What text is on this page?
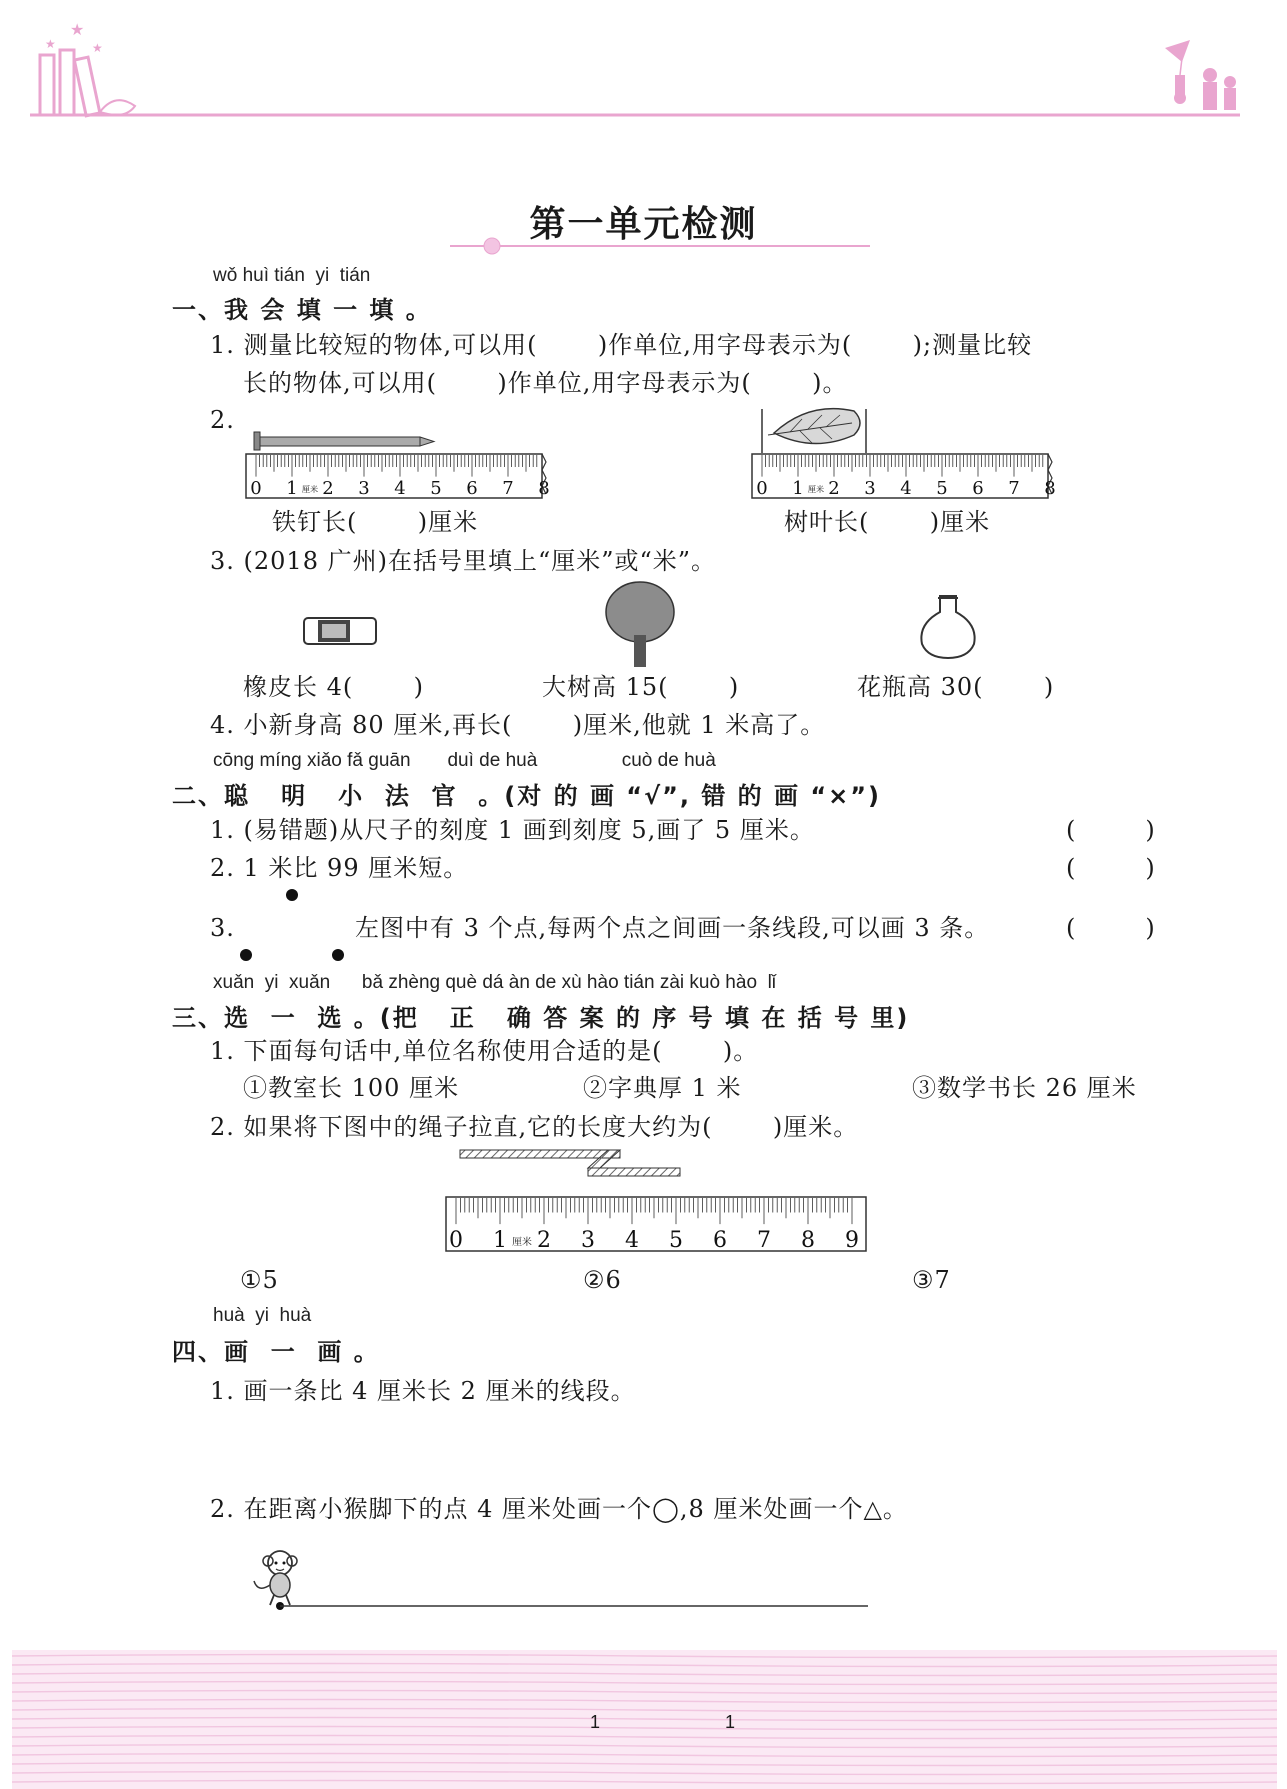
★
★
★
第一单元检测
wǒ huì tián  yi  tián
一、我 会 填 一 填 。
1. 测量比较短的物体,可以用(       )作单位,用字母表示为(       );测量比较
长的物体,可以用(       )作单位,用字母表示为(       )。
2.
0 1 2 3 4 5 6 7 8
厘米
铁钉长(       )厘米
0 1 2 3 4 5 6 7 8
厘米
树叶长(       )厘米
3. (2018 广州)在括号里填上“厘米”或“米”。
橡皮长 4(       )	大树高 15(       )	花瓶高 30(       )
4. 小新身高 80 厘米,再长(       )厘米,他就 1 米高了。
cōng míng xiǎo fǎ guān       duì de huà                cuò de huà
二、聪   明   小  法  官  。(对 的 画 “√”, 错 的 画 “×”)
1. (易错题)从尺子的刻度 1 画到刻度 5,画了 5 厘米。	(        )
2. 1 米比 99 厘米短。	(        )
3.	左图中有 3 个点,每两个点之间画一条线段,可以画 3 条。	(        )
xuǎn  yi  xuǎn      bǎ zhèng què dá àn de xù hào tián zài kuò hào  lǐ
三、选  一  选 。(把   正   确 答 案 的 序 号 填 在 括 号 里)
1. 下面每句话中,单位名称使用合适的是(       )。
①教室长 100 厘米	②字典厚 1 米	③数学书长 26 厘米
2. 如果将下图中的绳子拉直,它的长度大约为(       )厘米。
0 1 2 3 4 5 6 7 8 9
厘米
①5	②6	③7
huà  yi  huà
四、画  一  画 。
1. 画一条比 4 厘米长 2 厘米的线段。
2. 在距离小猴脚下的点 4 厘米处画一个◯,8 厘米处画一个△。
1 1
